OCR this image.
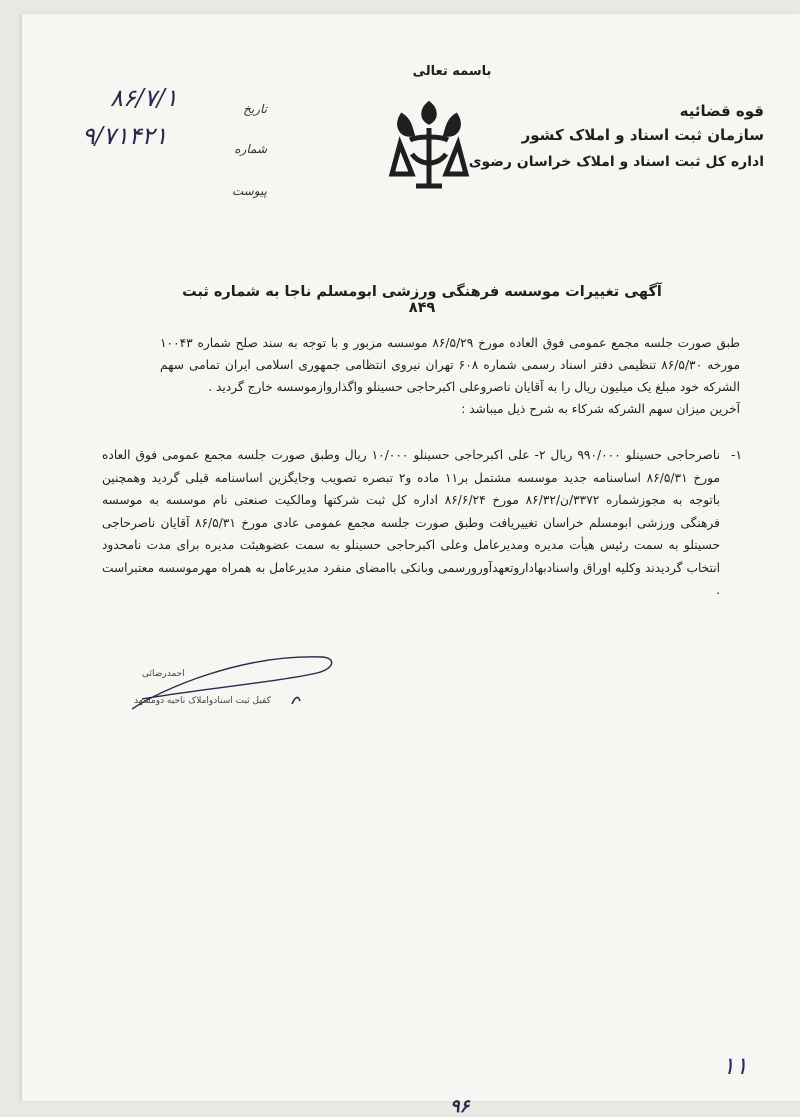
باسمه تعالی
قوه قضائیه
سازمان ثبت اسناد و املاک کشور
اداره کل ثبت اسناد و املاک خراسان رضوی
تاریخ
شماره
پیوست
۸۶/۷/۱
۹/۷۱۴۲۱
آگهی تغییرات موسسه فرهنگی ورزشی ابومسلم ناجا به شماره ثبت ۸۴۹

طبق صورت جلسه مجمع عمومی فوق العاده مورخ ۸۶/۵/۲۹ موسسه مزبور و با توجه به سند صلح شماره ۱۰۰۴۳ مورخه ۸۶/۵/۳۰ تنظیمی دفتر اسناد رسمی شماره ۶۰۸ تهران نیروی انتظامی جمهوری اسلامی ایران تمامی سهم الشرکه خود مبلغ یک میلیون ریال را به آقایان ناصروعلی اکبرحاجی حسینلو واگذاروازموسسه خارج گردید .

آخرین میزان سهم الشرکه شرکاء به شرح ذیل میباشد :

۱-
ناصرحاجی حسینلو ۹۹۰/۰۰۰ ریال ۲- علی اکبرحاجی حسینلو ۱۰/۰۰۰ ریال وطبق صورت جلسه مجمع عمومی فوق العاده مورخ ۸۶/۵/۳۱ اساسنامه جدید موسسه مشتمل بر۱۱ ماده و۲ تبصره تصویب وجایگزین اساسنامه قبلی گردید وهمچنین باتوجه به مجوزشماره ۳۳۷۲/ن/۸۶/۳۲ مورخ ۸۶/۶/۲۴ اداره کل ثبت شرکتها ومالکیت صنعتی نام موسسه به موسسه فرهنگی ورزشی ابومسلم خراسان تغییریافت وطبق صورت جلسه مجمع عمومی عادی مورخ ۸۶/۵/۳۱ آقایان ناصرحاجی حسینلو به سمت رئیس هیأت مدیره ومدیرعامل وعلی اکبرحاجی حسینلو به سمت عضوهیئت مدیره برای مدت نامحدود انتخاب گردیدند وکلیه اوراق واسنادبهاداروتعهدآورورسمی وبانکی باامضای منفرد مدیرعامل به همراه مهرموسسه معتبراست .
احمدرضائی
کفیل ثبت اسنادواملاک ناحیه دومشهد
۱۱
۹۶
